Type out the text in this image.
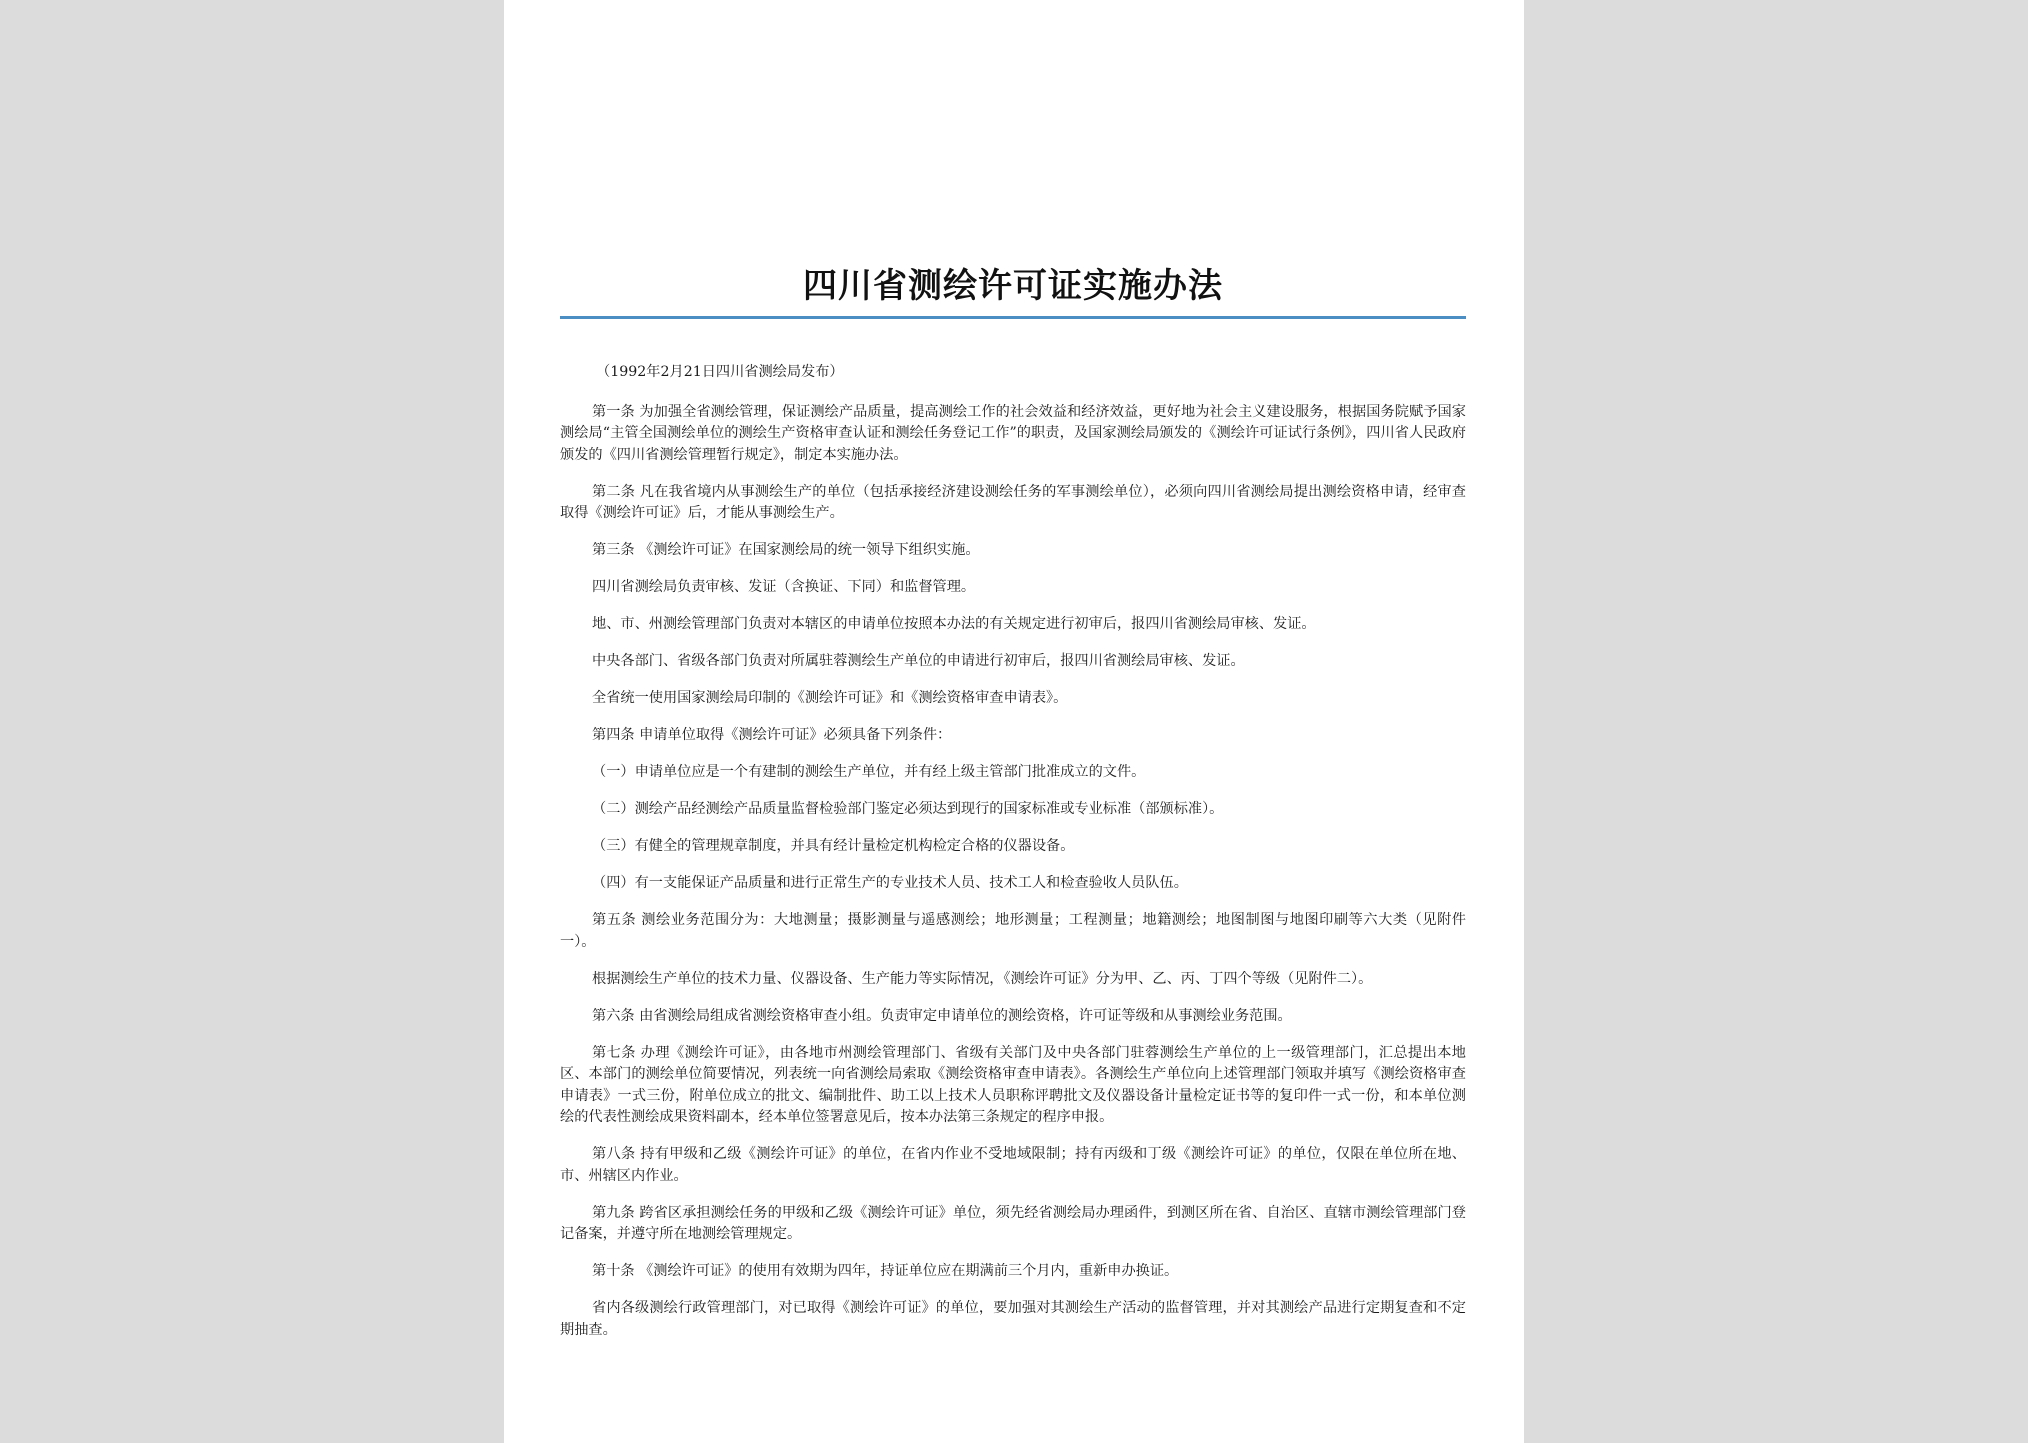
四川省测绘许可证实施办法

（1992年2月21日四川省测绘局发布）

第一条 为加强全省测绘管理，保证测绘产品质量，提高测绘工作的社会效益和经济效益，更好地为社会主义建设服务，根据国务院赋予国家测绘局“主管全国测绘单位的测绘生产资格审查认证和测绘任务登记工作”的职责，及国家测绘局颁发的《测绘许可证试行条例》，四川省人民政府颁发的《四川省测绘管理暂行规定》，制定本实施办法。

第二条 凡在我省境内从事测绘生产的单位（包括承接经济建设测绘任务的军事测绘单位），必须向四川省测绘局提出测绘资格申请，经审查取得《测绘许可证》后，才能从事测绘生产。

第三条 《测绘许可证》在国家测绘局的统一领导下组织实施。

四川省测绘局负责审核、发证（含换证、下同）和监督管理。

地、市、州测绘管理部门负责对本辖区的申请单位按照本办法的有关规定进行初审后，报四川省测绘局审核、发证。

中央各部门、省级各部门负责对所属驻蓉测绘生产单位的申请进行初审后，报四川省测绘局审核、发证。

全省统一使用国家测绘局印制的《测绘许可证》和《测绘资格审查申请表》。

第四条 申请单位取得《测绘许可证》必须具备下列条件：

（一）申请单位应是一个有建制的测绘生产单位，并有经上级主管部门批准成立的文件。

（二）测绘产品经测绘产品质量监督检验部门鉴定必须达到现行的国家标准或专业标准（部颁标准）。

（三）有健全的管理规章制度，并具有经计量检定机构检定合格的仪器设备。

（四）有一支能保证产品质量和进行正常生产的专业技术人员、技术工人和检查验收人员队伍。

第五条 测绘业务范围分为：大地测量；摄影测量与遥感测绘；地形测量；工程测量；地籍测绘；地图制图与地图印刷等六大类（见附件一）。

根据测绘生产单位的技术力量、仪器设备、生产能力等实际情况，《测绘许可证》分为甲、乙、丙、丁四个等级（见附件二）。

第六条 由省测绘局组成省测绘资格审查小组。负责审定申请单位的测绘资格，许可证等级和从事测绘业务范围。

第七条 办理《测绘许可证》，由各地市州测绘管理部门、省级有关部门及中央各部门驻蓉测绘生产单位的上一级管理部门，汇总提出本地区、本部门的测绘单位简要情况，列表统一向省测绘局索取《测绘资格审查申请表》。各测绘生产单位向上述管理部门领取并填写《测绘资格审查申请表》一式三份，附单位成立的批文、编制批件、助工以上技术人员职称评聘批文及仪器设备计量检定证书等的复印件一式一份，和本单位测绘的代表性测绘成果资料副本，经本单位签署意见后，按本办法第三条规定的程序申报。

第八条 持有甲级和乙级《测绘许可证》的单位，在省内作业不受地域限制；持有丙级和丁级《测绘许可证》的单位，仅限在单位所在地、市、州辖区内作业。

第九条 跨省区承担测绘任务的甲级和乙级《测绘许可证》单位，须先经省测绘局办理函件，到测区所在省、自治区、直辖市测绘管理部门登记备案，并遵守所在地测绘管理规定。

第十条 《测绘许可证》的使用有效期为四年，持证单位应在期满前三个月内，重新申办换证。

省内各级测绘行政管理部门，对已取得《测绘许可证》的单位，要加强对其测绘生产活动的监督管理，并对其测绘产品进行定期复查和不定期抽查。
